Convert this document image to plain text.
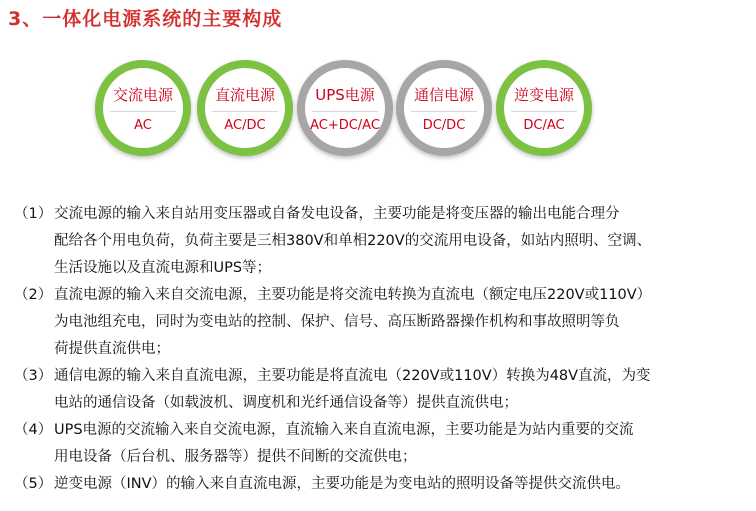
3、一体化电源系统的主要构成
交流电源
AC
直流电源
AC/DC
UPS电源
AC+DC/AC
通信电源
DC/DC
逆变电源
DC/AC

（1） 交流电源的输入来自站用变压器或自备发电设备，主要功能是将变压器的输出电能合理分
配给各个用电负荷，负荷主要是三相380V和单相220V的交流用电设备，如站内照明、空调、
生活设施以及直流电源和UPS等；

（2） 直流电源的输入来自交流电源，主要功能是将交流电转换为直流电（额定电压220V或110V）
为电池组充电，同时为变电站的控制、保护、信号、高压断路器操作机构和事故照明等负
荷提供直流供电；

（3） 通信电源的输入来自直流电源，主要功能是将直流电（220V或110V）转换为48V直流，为变
电站的通信设备（如载波机、调度机和光纤通信设备等）提供直流供电；

（4） UPS电源的交流输入来自交流电源，直流输入来自直流电源，主要功能是为站内重要的交流
用电设备（后台机、服务器等）提供不间断的交流供电；

（5） 逆变电源（INV）的输入来自直流电源，主要功能是为变电站的照明设备等提供交流供电。
